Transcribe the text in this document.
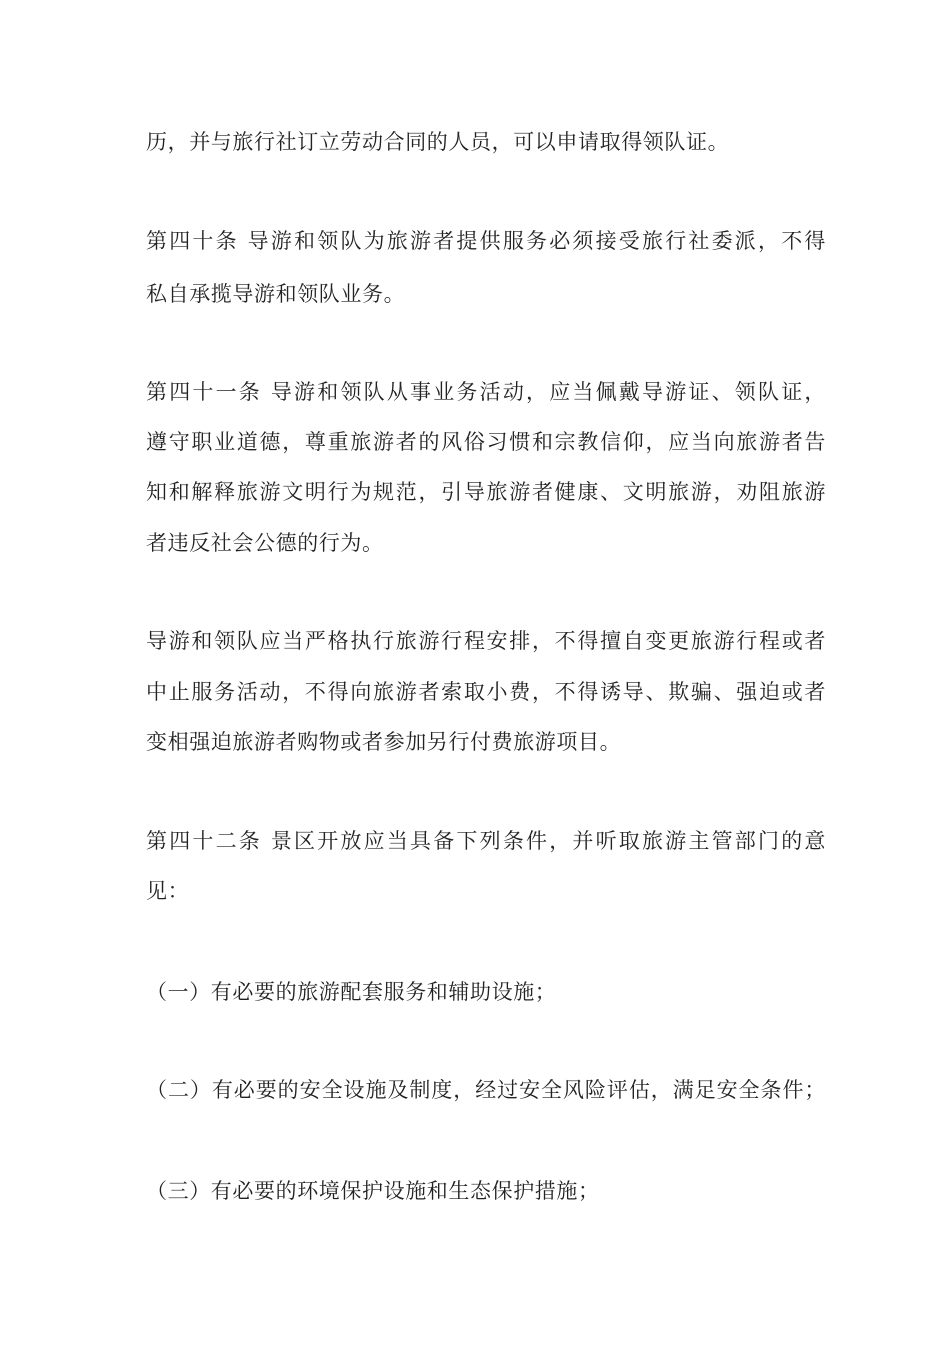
历，并与旅行社订立劳动合同的人员，可以申请取得领队证。
第四十条 导游和领队为旅游者提供服务必须接受旅行社委派，不得
私自承揽导游和领队业务。
第四十一条 导游和领队从事业务活动，应当佩戴导游证、领队证，
遵守职业道德，尊重旅游者的风俗习惯和宗教信仰，应当向旅游者告
知和解释旅游文明行为规范，引导旅游者健康、文明旅游，劝阻旅游
者违反社会公德的行为。
导游和领队应当严格执行旅游行程安排，不得擅自变更旅游行程或者
中止服务活动，不得向旅游者索取小费，不得诱导、欺骗、强迫或者
变相强迫旅游者购物或者参加另行付费旅游项目。
第四十二条 景区开放应当具备下列条件，并听取旅游主管部门的意
见：
（一）有必要的旅游配套服务和辅助设施；
（二）有必要的安全设施及制度，经过安全风险评估，满足安全条件；
（三）有必要的环境保护设施和生态保护措施；
